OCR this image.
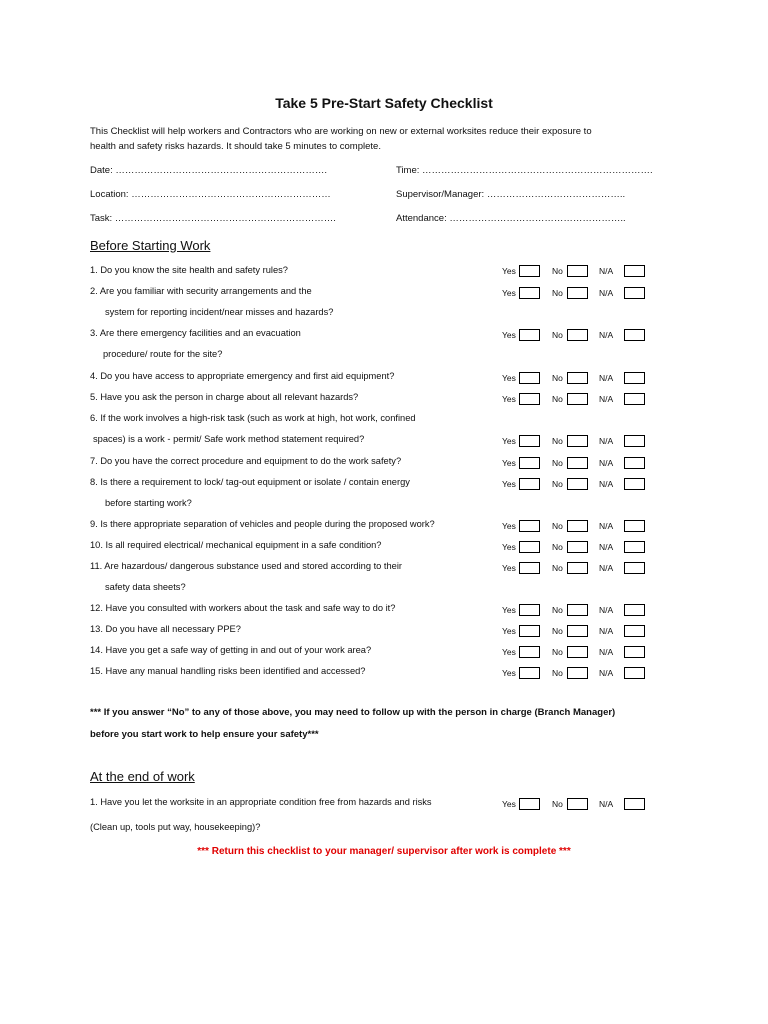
Take 5 Pre-Start Safety Checklist
This Checklist will help workers and Contractors who are working on new or external worksites reduce their exposure to
health and safety risks hazards. It should take 5 minutes to complete.
Date: ………………………………………………………….	Time: ……………………………………………………………….
Location: ………………………………………………………	Supervisor/Manager: ……………………………………..
Task: …………………………………………………………….	Attendance: ………………………………………………..
Before Starting Work
1. Do you know the site health and safety rules?	Yes	No	N/A
2. Are you familiar with security arrangements and the
system for reporting incident/near misses and hazards?
Yes	No	N/A
3. Are there emergency facilities and an evacuation
procedure/ route for the site?
Yes	No	N/A
4. Do you have access to appropriate emergency and first aid equipment?	Yes	No	N/A
5. Have you ask the person in charge about all relevant hazards?	Yes	No	N/A
6. If the work involves a high-risk task (such as work at high, hot work, confined
spaces) is a work - permit/ Safe work method statement required?	Yes	No	N/A
7. Do you have the correct procedure and equipment to do the work safety?	Yes	No	N/A
8. Is there a requirement to lock/ tag-out equipment or isolate / contain energy
before starting work?
Yes	No	N/A
9. Is there appropriate separation of vehicles and people during the proposed work?	Yes	No	N/A
10. Is all required electrical/ mechanical equipment in a safe condition?	Yes	No	N/A
11. Are hazardous/ dangerous substance used and stored according to their
safety data sheets?
Yes	No	N/A
12. Have you consulted with workers about the task and safe way to do it?	Yes	No	N/A
13. Do you have all necessary PPE?	Yes	No	N/A
14. Have you get a safe way of getting in and out of your work area?	Yes	No	N/A
15. Have any manual handling risks been identified and accessed?	Yes	No	N/A
*** If you answer “No” to any of those above, you may need to follow up with the person in charge (Branch Manager)
before you start work to help ensure your safety***
At the end of work
1. Have you let the worksite in an appropriate condition free from hazards and risks
(Clean up, tools put way, housekeeping)?
Yes	No	N/A
*** Return this checklist to your manager/ supervisor after work is complete ***
